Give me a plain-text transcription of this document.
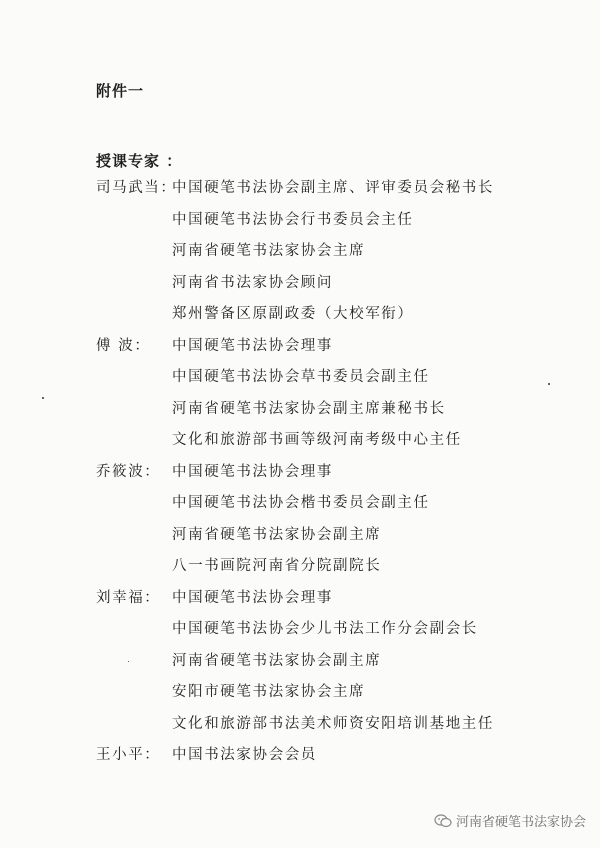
附件一
授课专家 ：
司马武当：
中国硬笔书法协会副主席、评审委员会秘书长
中国硬笔书法协会行书委员会主任
河南省硬笔书法家协会主席
河南省书法家协会顾问
郑州警备区原副政委（大校军衔）
傅 波： 中国硬笔书法协会理事
中国硬笔书法协会草书委员会副主任
河南省硬笔书法家协会副主席兼秘书长
文化和旅游部书画等级河南考级中心主任
乔筱波： 中国硬笔书法协会理事
中国硬笔书法协会楷书委员会副主任
河南省硬笔书法家协会副主席
八一书画院河南省分院副院长
刘幸福： 中国硬笔书法协会理事
中国硬笔书法协会少儿书法工作分会副会长
河南省硬笔书法家协会副主席
安阳市硬笔书法家协会主席
文化和旅游部书法美术师资安阳培训基地主任
王小平： 中国书法家协会会员
河南省硬笔书法家协会
